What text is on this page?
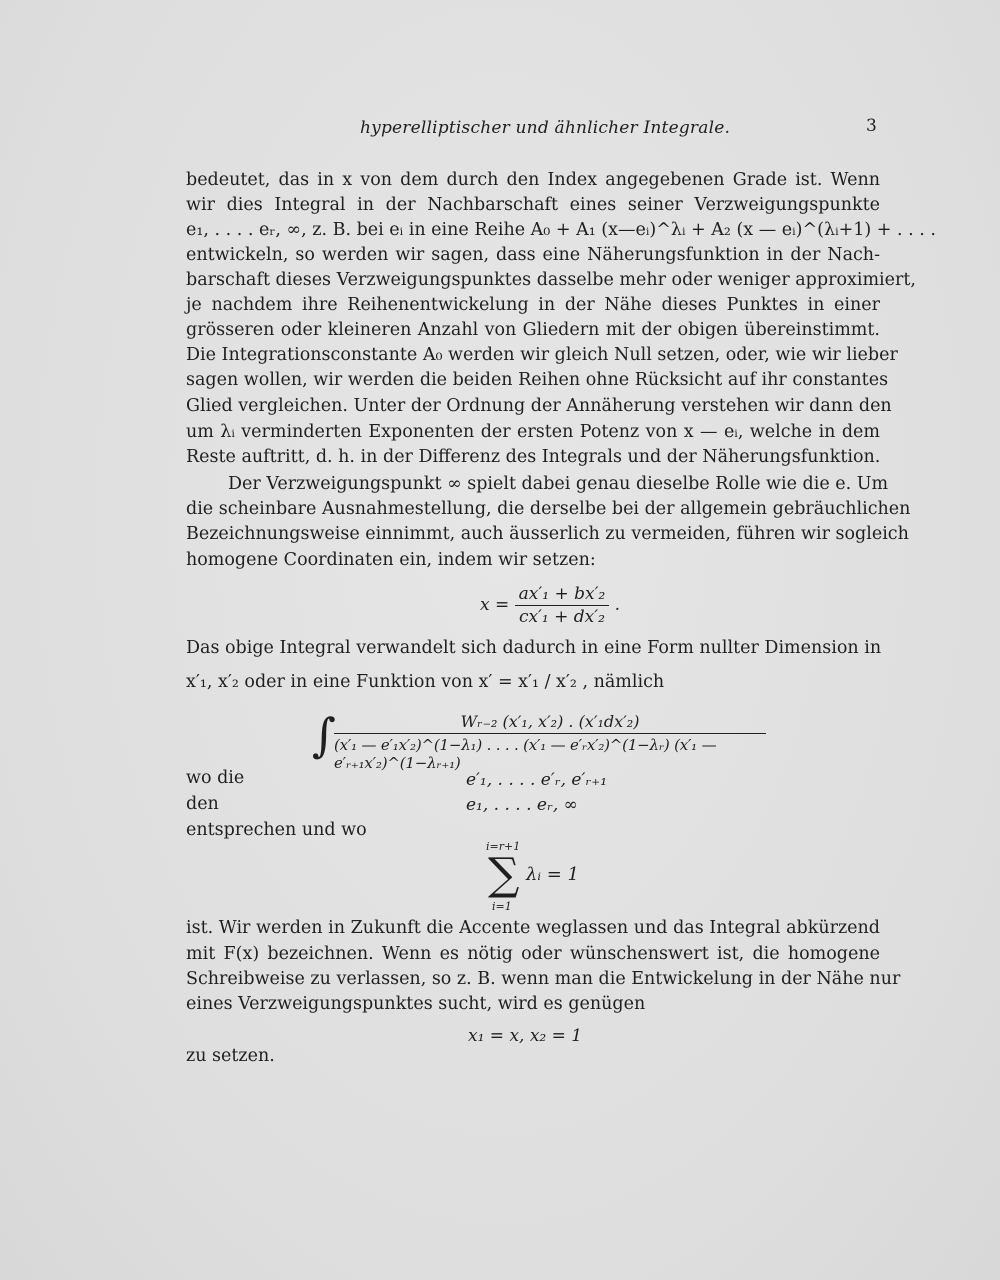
hyperelliptischer und ähnlicher Integrale.	3
bedeutet, das in x von dem durch den Index angegebenen Grade ist. Wenn
wir dies Integral in der Nachbarschaft eines seiner Verzweigungspunkte
e₁, . . . . eᵣ, ∞, z. B. bei eᵢ in eine Reihe A₀ + A₁ (x—eᵢ)^λᵢ + A₂ (x — eᵢ)^(λᵢ+1) + . . . .
entwickeln, so werden wir sagen, dass eine Näherungsfunktion in der Nach-
barschaft dieses Verzweigungspunktes dasselbe mehr oder weniger approximiert,
je nachdem ihre Reihenentwickelung in der Nähe dieses Punktes in einer
grösseren oder kleineren Anzahl von Gliedern mit der obigen übereinstimmt.
Die Integrationsconstante A₀ werden wir gleich Null setzen, oder, wie wir lieber
sagen wollen, wir werden die beiden Reihen ohne Rücksicht auf ihr constantes
Glied vergleichen. Unter der Ordnung der Annäherung verstehen wir dann den
um λᵢ verminderten Exponenten der ersten Potenz von x — eᵢ, welche in dem
Reste auftritt, d. h. in der Differenz des Integrals und der Näherungsfunktion.
Der Verzweigungspunkt ∞ spielt dabei genau dieselbe Rolle wie die e. Um
die scheinbare Ausnahmestellung, die derselbe bei der allgemein gebräuchlichen
Bezeichnungsweise einnimmt, auch äusserlich zu vermeiden, führen wir sogleich
homogene Coordinaten ein, indem wir setzen:
$x = \frac{\text{ax′₁ + bx′₂}}{\text{cx′₁ + dx′₂}}$ .
Das obige Integral verwandelt sich dadurch in eine Form nullter Dimension in
x′₁, x′₂ oder in eine Funktion von x′ = x′₁ / x′₂ , nämlich
∫	Wᵣ₋₂ (x′₁, x′₂) . (x′₁dx′₂)
(x′₁ — e′₁x′₂)^(1−λ₁) . . . . (x′₁ — e′ᵣx′₂)^(1−λᵣ) (x′₁ — e′ᵣ₊₁x′₂)^(1−λᵣ₊₁)
wo die	e′₁, . . . . e′ᵣ, e′ᵣ₊₁
den	e₁, . . . . eᵣ, ∞
entsprechen und wo
i=r+1
∑
i=1
λᵢ = 1
ist. Wir werden in Zukunft die Accente weglassen und das Integral abkürzend
mit F(x) bezeichnen. Wenn es nötig oder wünschenswert ist, die homogene
Schreibweise zu verlassen, so z. B. wenn man die Entwickelung in der Nähe nur
eines Verzweigungspunktes sucht, wird es genügen
x₁ = x, x₂ = 1
zu setzen.
